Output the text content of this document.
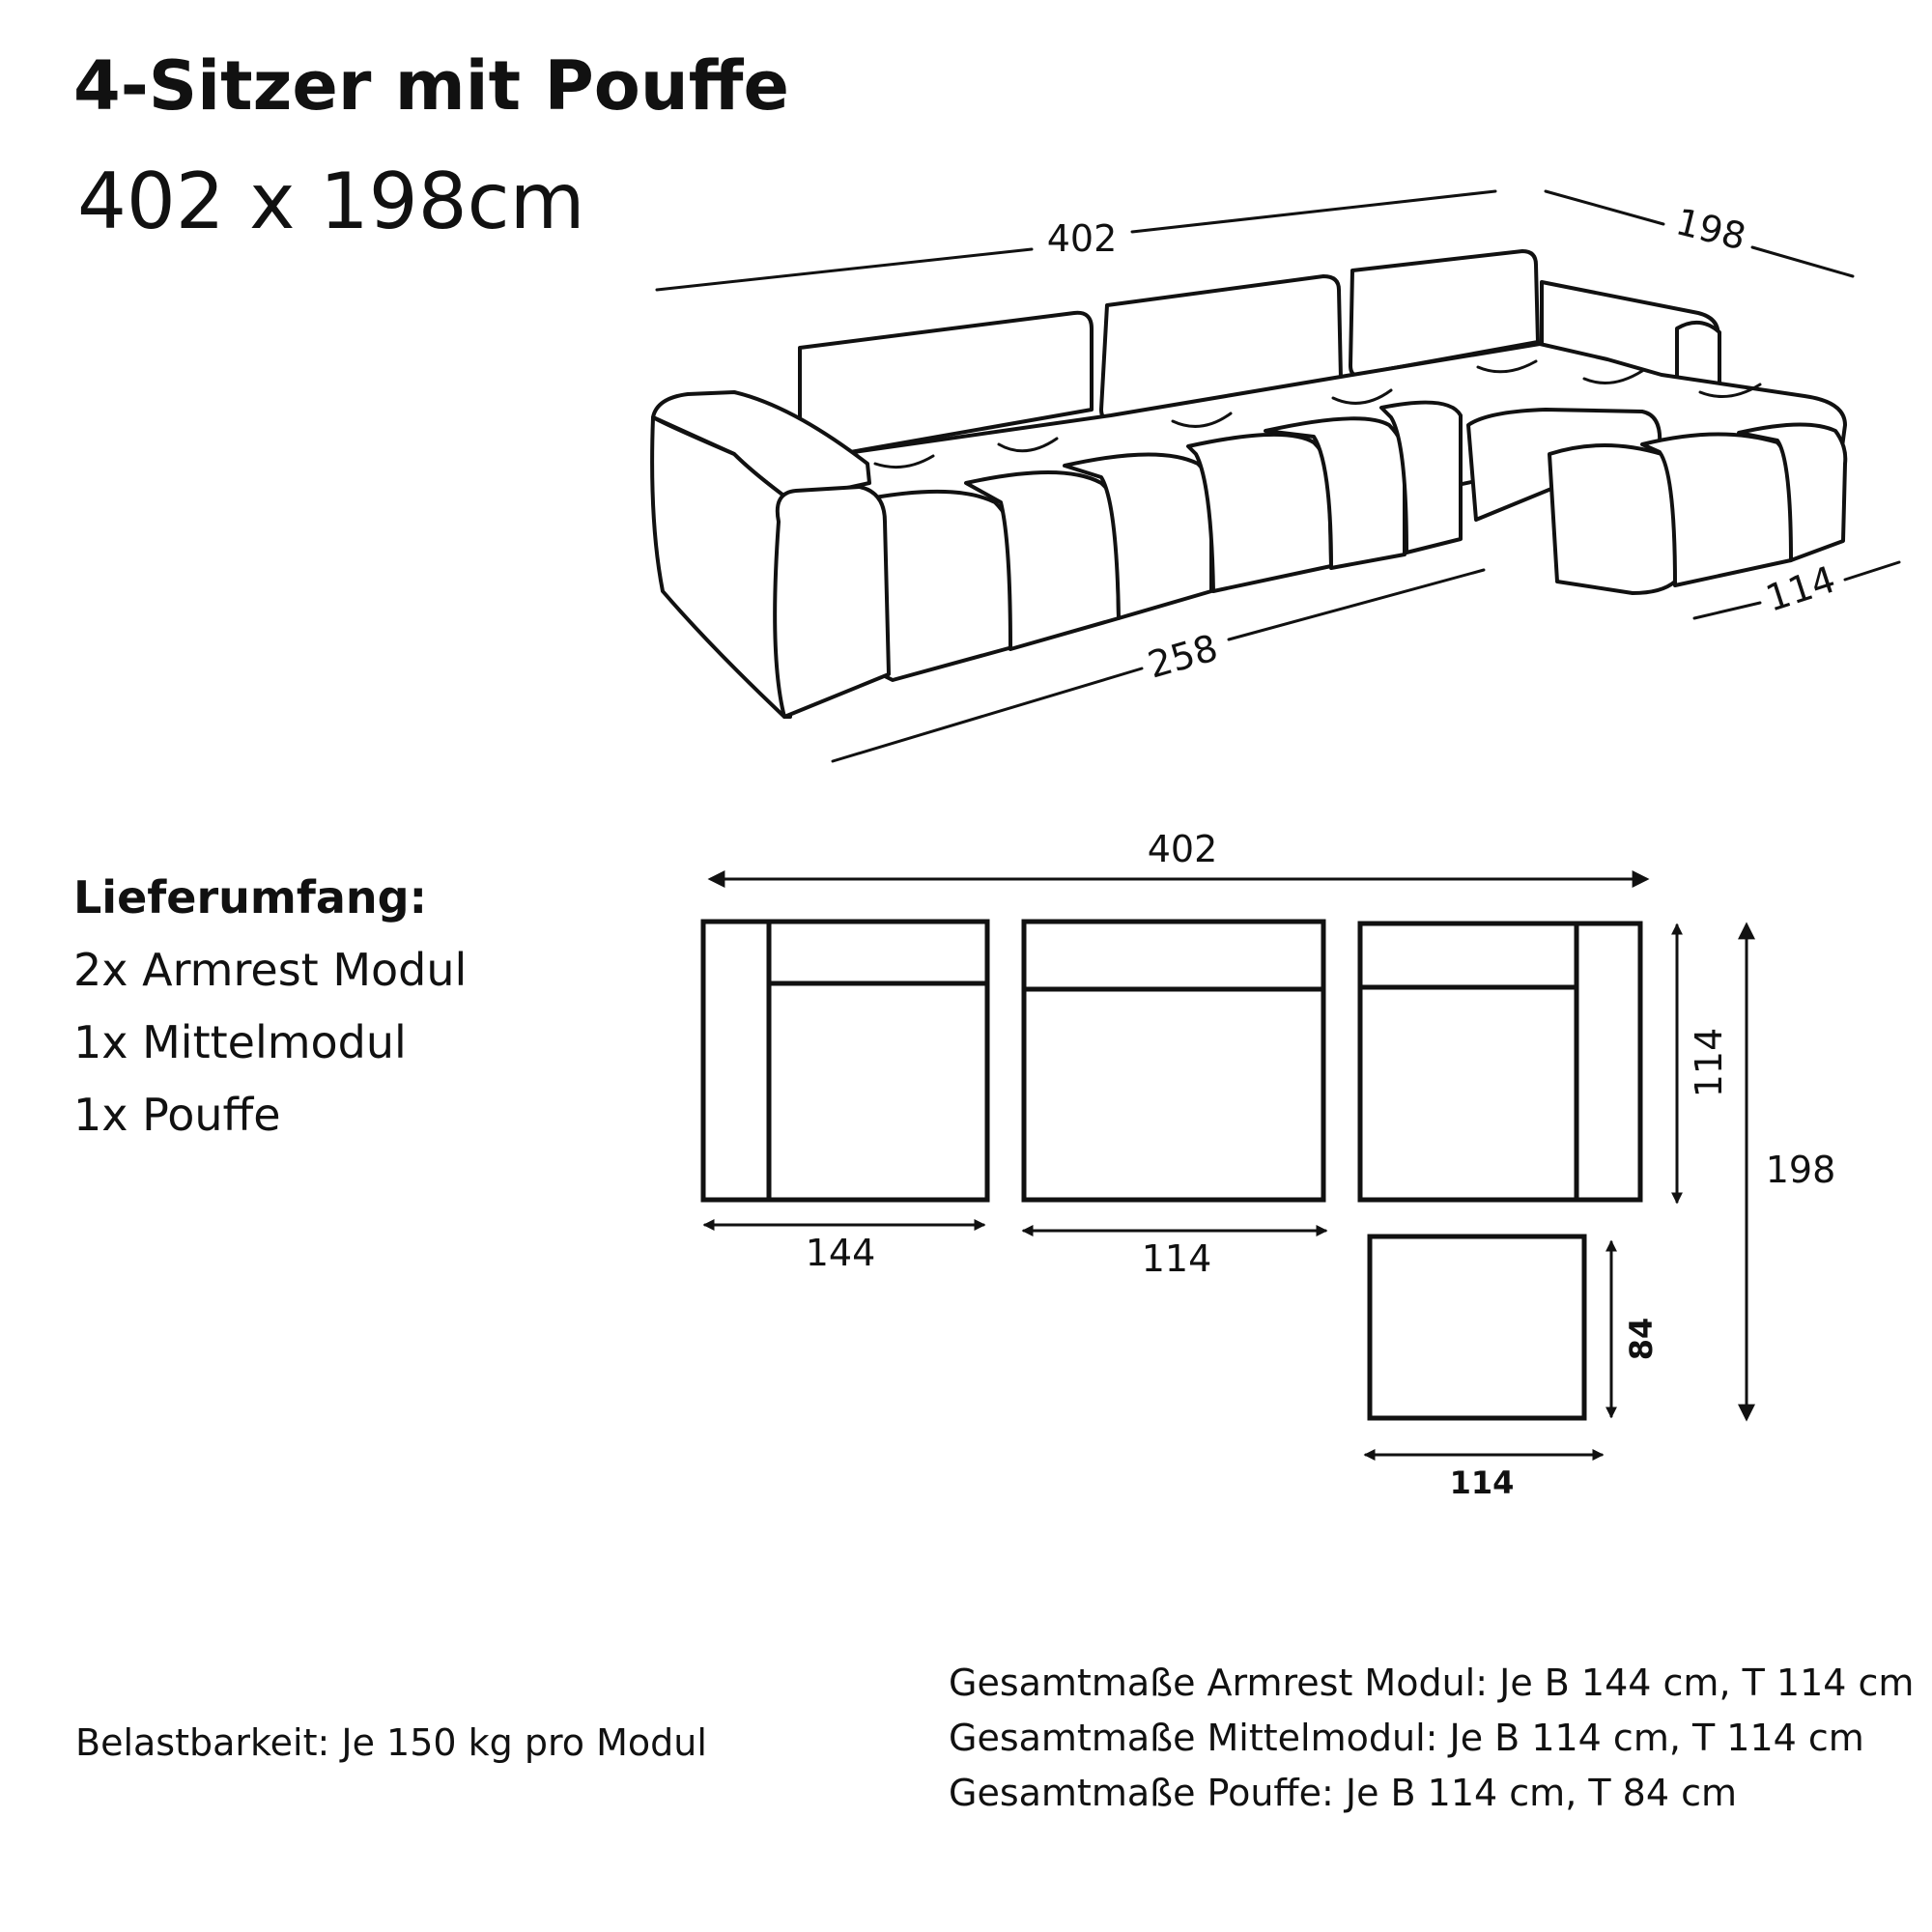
4-Sitzer mit Pouffe
402 x 198cm	402	198
258
114
402
144	114
114
114
84
198
Lieferumfang:
2x Armrest Modul
1x Mittelmodul
1x Pouffe
Belastbarkeit: Je 150 kg pro Modul
Gesamtmaße Armrest Modul: Je B 144 cm, T 114 cm
Gesamtmaße Mittelmodul: Je B 114 cm, T 114 cm
Gesamtmaße Pouffe: Je B 114 cm, T 84 cm
